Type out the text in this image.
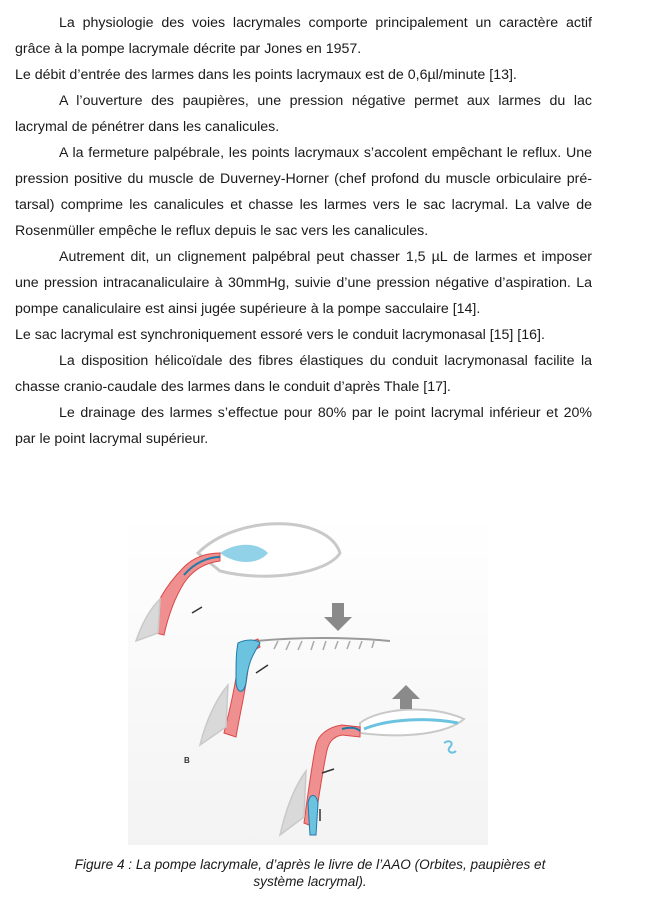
La physiologie des voies lacrymales comporte principalement un caractère actif grâce à la pompe lacrymale décrite par Jones en 1957.

Le débit d’entrée des larmes dans les points lacrymaux est de 0,6µl/minute [13].

A l’ouverture des paupières, une pression négative permet aux larmes du lac lacrymal de pénétrer dans les canalicules.

A la fermeture palpébrale, les points lacrymaux s’accolent empêchant le reflux. Une pression positive du muscle de Duverney-Horner (chef profond du muscle orbiculaire pré-tarsal) comprime les canalicules et chasse les larmes vers le sac lacrymal. La valve de Rosenmüller empêche le reflux depuis le sac vers les canalicules.

Autrement dit, un clignement palpébral peut chasser 1,5 µL de larmes et imposer une pression intracanaliculaire à 30mmHg, suivie d’une pression négative d’aspiration. La pompe canaliculaire est ainsi jugée supérieure à la pompe sacculaire [14].

Le sac lacrymal est synchroniquement essoré vers le conduit lacrymonasal [15] [16].

La disposition hélicoïdale des fibres élastiques du conduit lacrymonasal facilite la chasse cranio-caudale des larmes dans le conduit d’après Thale [17].

Le drainage des larmes s’effectue pour 80% par le point lacrymal inférieur et 20% par le point lacrymal supérieur.

B
Figure 4 : La pompe lacrymale, d’après le livre de l’AAO (Orbites, paupières et
système lacrymal).
